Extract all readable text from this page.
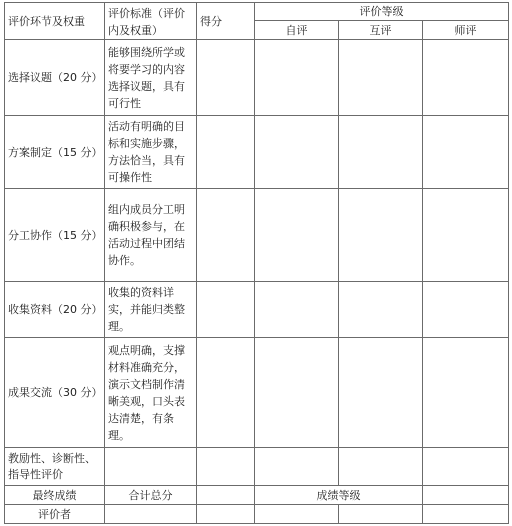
评价环节及权重	评价标准（评价内及权重）	得分	评价等级		
			自评	互评	师评
选择议题（20 分）	能够围绕所学或将要学习的内容选择议题，具有可行性				
方案制定（15 分）	活动有明确的目标和实施步骤，方法恰当，具有可操作性				
分工协作（15 分）	组内成员分工明确积极参与，在活动过程中团结协作。				
收集资料（20 分）	收集的资料详实，并能归类整理。				
成果交流（30 分）	观点明确，支撑材料准确充分，演示文档制作清晰美观，口头表达清楚，有条理。				
教励性、诊断性、指导性评价					
最终成绩	合计总分		成绩等级		
评价者					
